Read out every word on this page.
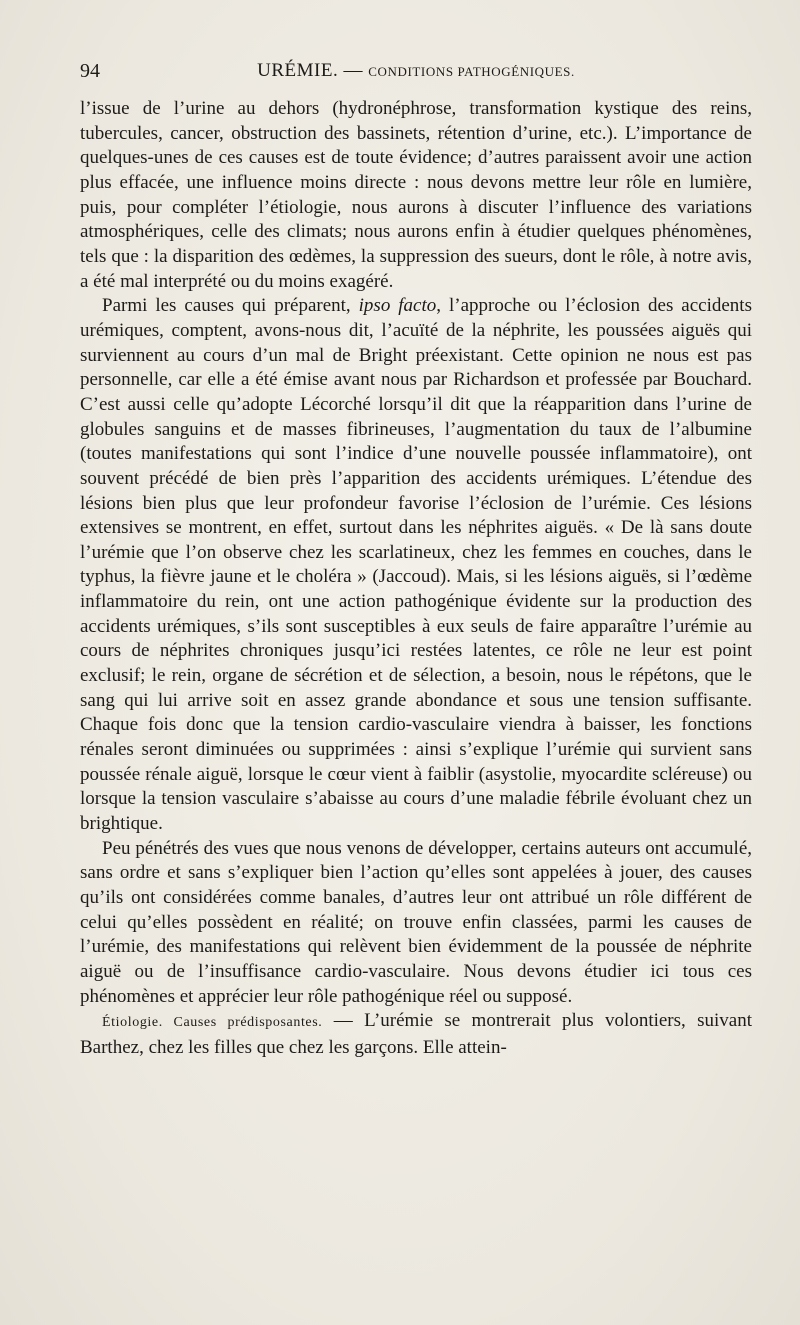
94	URÉMIE. — CONDITIONS PATHOGÉNIQUES.

l’issue de l’urine au dehors (hydronéphrose, transformation kystique des reins, tubercules, cancer, obstruction des bassinets, rétention d’urine, etc.). L’importance de quelques-unes de ces causes est de toute évidence; d’autres paraissent avoir une action plus effacée, une influence moins directe : nous devons mettre leur rôle en lumière, puis, pour compléter l’étiologie, nous aurons à discuter l’influence des variations atmosphériques, celle des climats; nous aurons enfin à étudier quelques phénomènes, tels que : la disparition des œdèmes, la suppression des sueurs, dont le rôle, à notre avis, a été mal interprété ou du moins exagéré.

Parmi les causes qui préparent, ipso facto, l’approche ou l’éclosion des accidents urémiques, comptent, avons-nous dit, l’acuïté de la néphrite, les poussées aiguës qui surviennent au cours d’un mal de Bright préexistant. Cette opinion ne nous est pas personnelle, car elle a été émise avant nous par Richardson et professée par Bouchard. C’est aussi celle qu’adopte Lécorché lorsqu’il dit que la réapparition dans l’urine de globules sanguins et de masses fibrineuses, l’augmentation du taux de l’albumine (toutes manifestations qui sont l’indice d’une nouvelle poussée inflammatoire), ont souvent précédé de bien près l’apparition des accidents urémiques. L’étendue des lésions bien plus que leur profondeur favorise l’éclosion de l’urémie. Ces lésions extensives se montrent, en effet, surtout dans les néphrites aiguës. « De là sans doute l’urémie que l’on observe chez les scarlatineux, chez les femmes en couches, dans le typhus, la fièvre jaune et le choléra » (Jaccoud). Mais, si les lésions aiguës, si l’œdème inflammatoire du rein, ont une action pathogénique évidente sur la production des accidents urémiques, s’ils sont susceptibles à eux seuls de faire apparaître l’urémie au cours de néphrites chroniques jusqu’ici restées latentes, ce rôle ne leur est point exclusif; le rein, organe de sécrétion et de sélection, a besoin, nous le répétons, que le sang qui lui arrive soit en assez grande abondance et sous une tension suffisante. Chaque fois donc que la tension cardio-vasculaire viendra à baisser, les fonctions rénales seront diminuées ou supprimées : ainsi s’explique l’urémie qui survient sans poussée rénale aiguë, lorsque le cœur vient à faiblir (asystolie, myocardite scléreuse) ou lorsque la tension vasculaire s’abaisse au cours d’une maladie fébrile évoluant chez un brightique.

Peu pénétrés des vues que nous venons de développer, certains auteurs ont accumulé, sans ordre et sans s’expliquer bien l’action qu’elles sont appelées à jouer, des causes qu’ils ont considérées comme banales, d’autres leur ont attribué un rôle différent de celui qu’elles possèdent en réalité; on trouve enfin classées, parmi les causes de l’urémie, des manifestations qui relèvent bien évidemment de la poussée de néphrite aiguë ou de l’insuffisance cardio-vasculaire. Nous devons étudier ici tous ces phénomènes et apprécier leur rôle pathogénique réel ou supposé.

Étiologie. Causes prédisposantes. — L’urémie se montrerait plus volontiers, suivant Barthez, chez les filles que chez les garçons. Elle attein-
